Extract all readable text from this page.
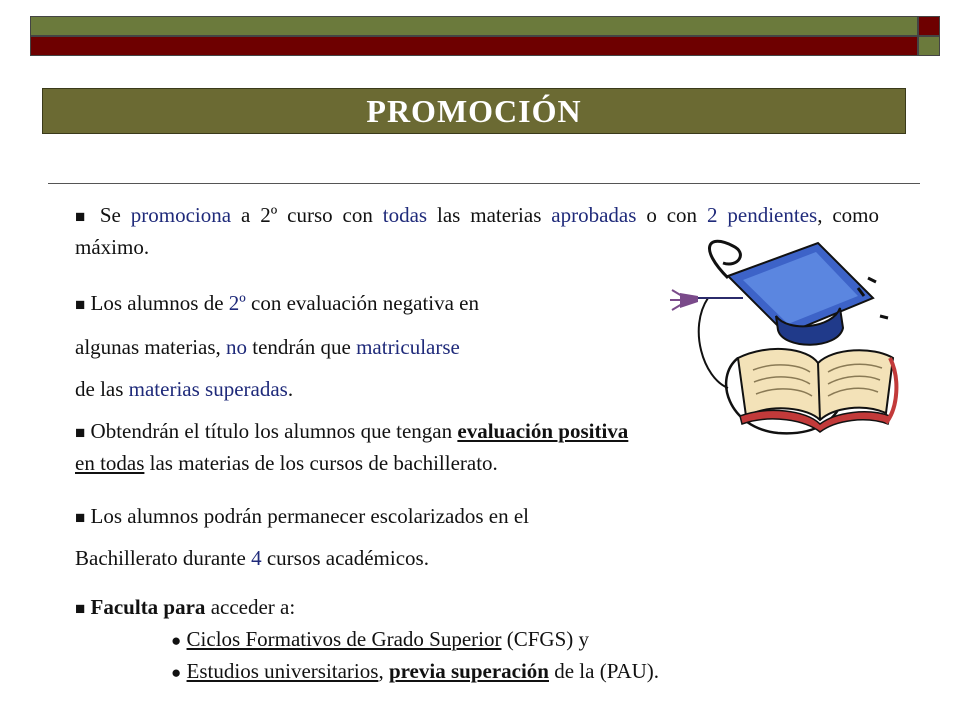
PROMOCIÓN
■ Se promociona a 2º curso con todas las materias aprobadas o con 2 pendientes, como máximo.
■ Los alumnos de 2º con evaluación negativa en
algunas materias, no tendrán que matricularse
de las materias superadas.
■ Obtendrán el título los alumnos que tengan evaluación positiva
en todas las materias de los cursos de bachillerato.
■ Los alumnos podrán permanecer escolarizados en el
Bachillerato durante 4 cursos académicos.
■ Faculta para acceder a:
● Ciclos Formativos de Grado Superior (CFGS) y
● Estudios universitarios, previa superación de la (PAU).
